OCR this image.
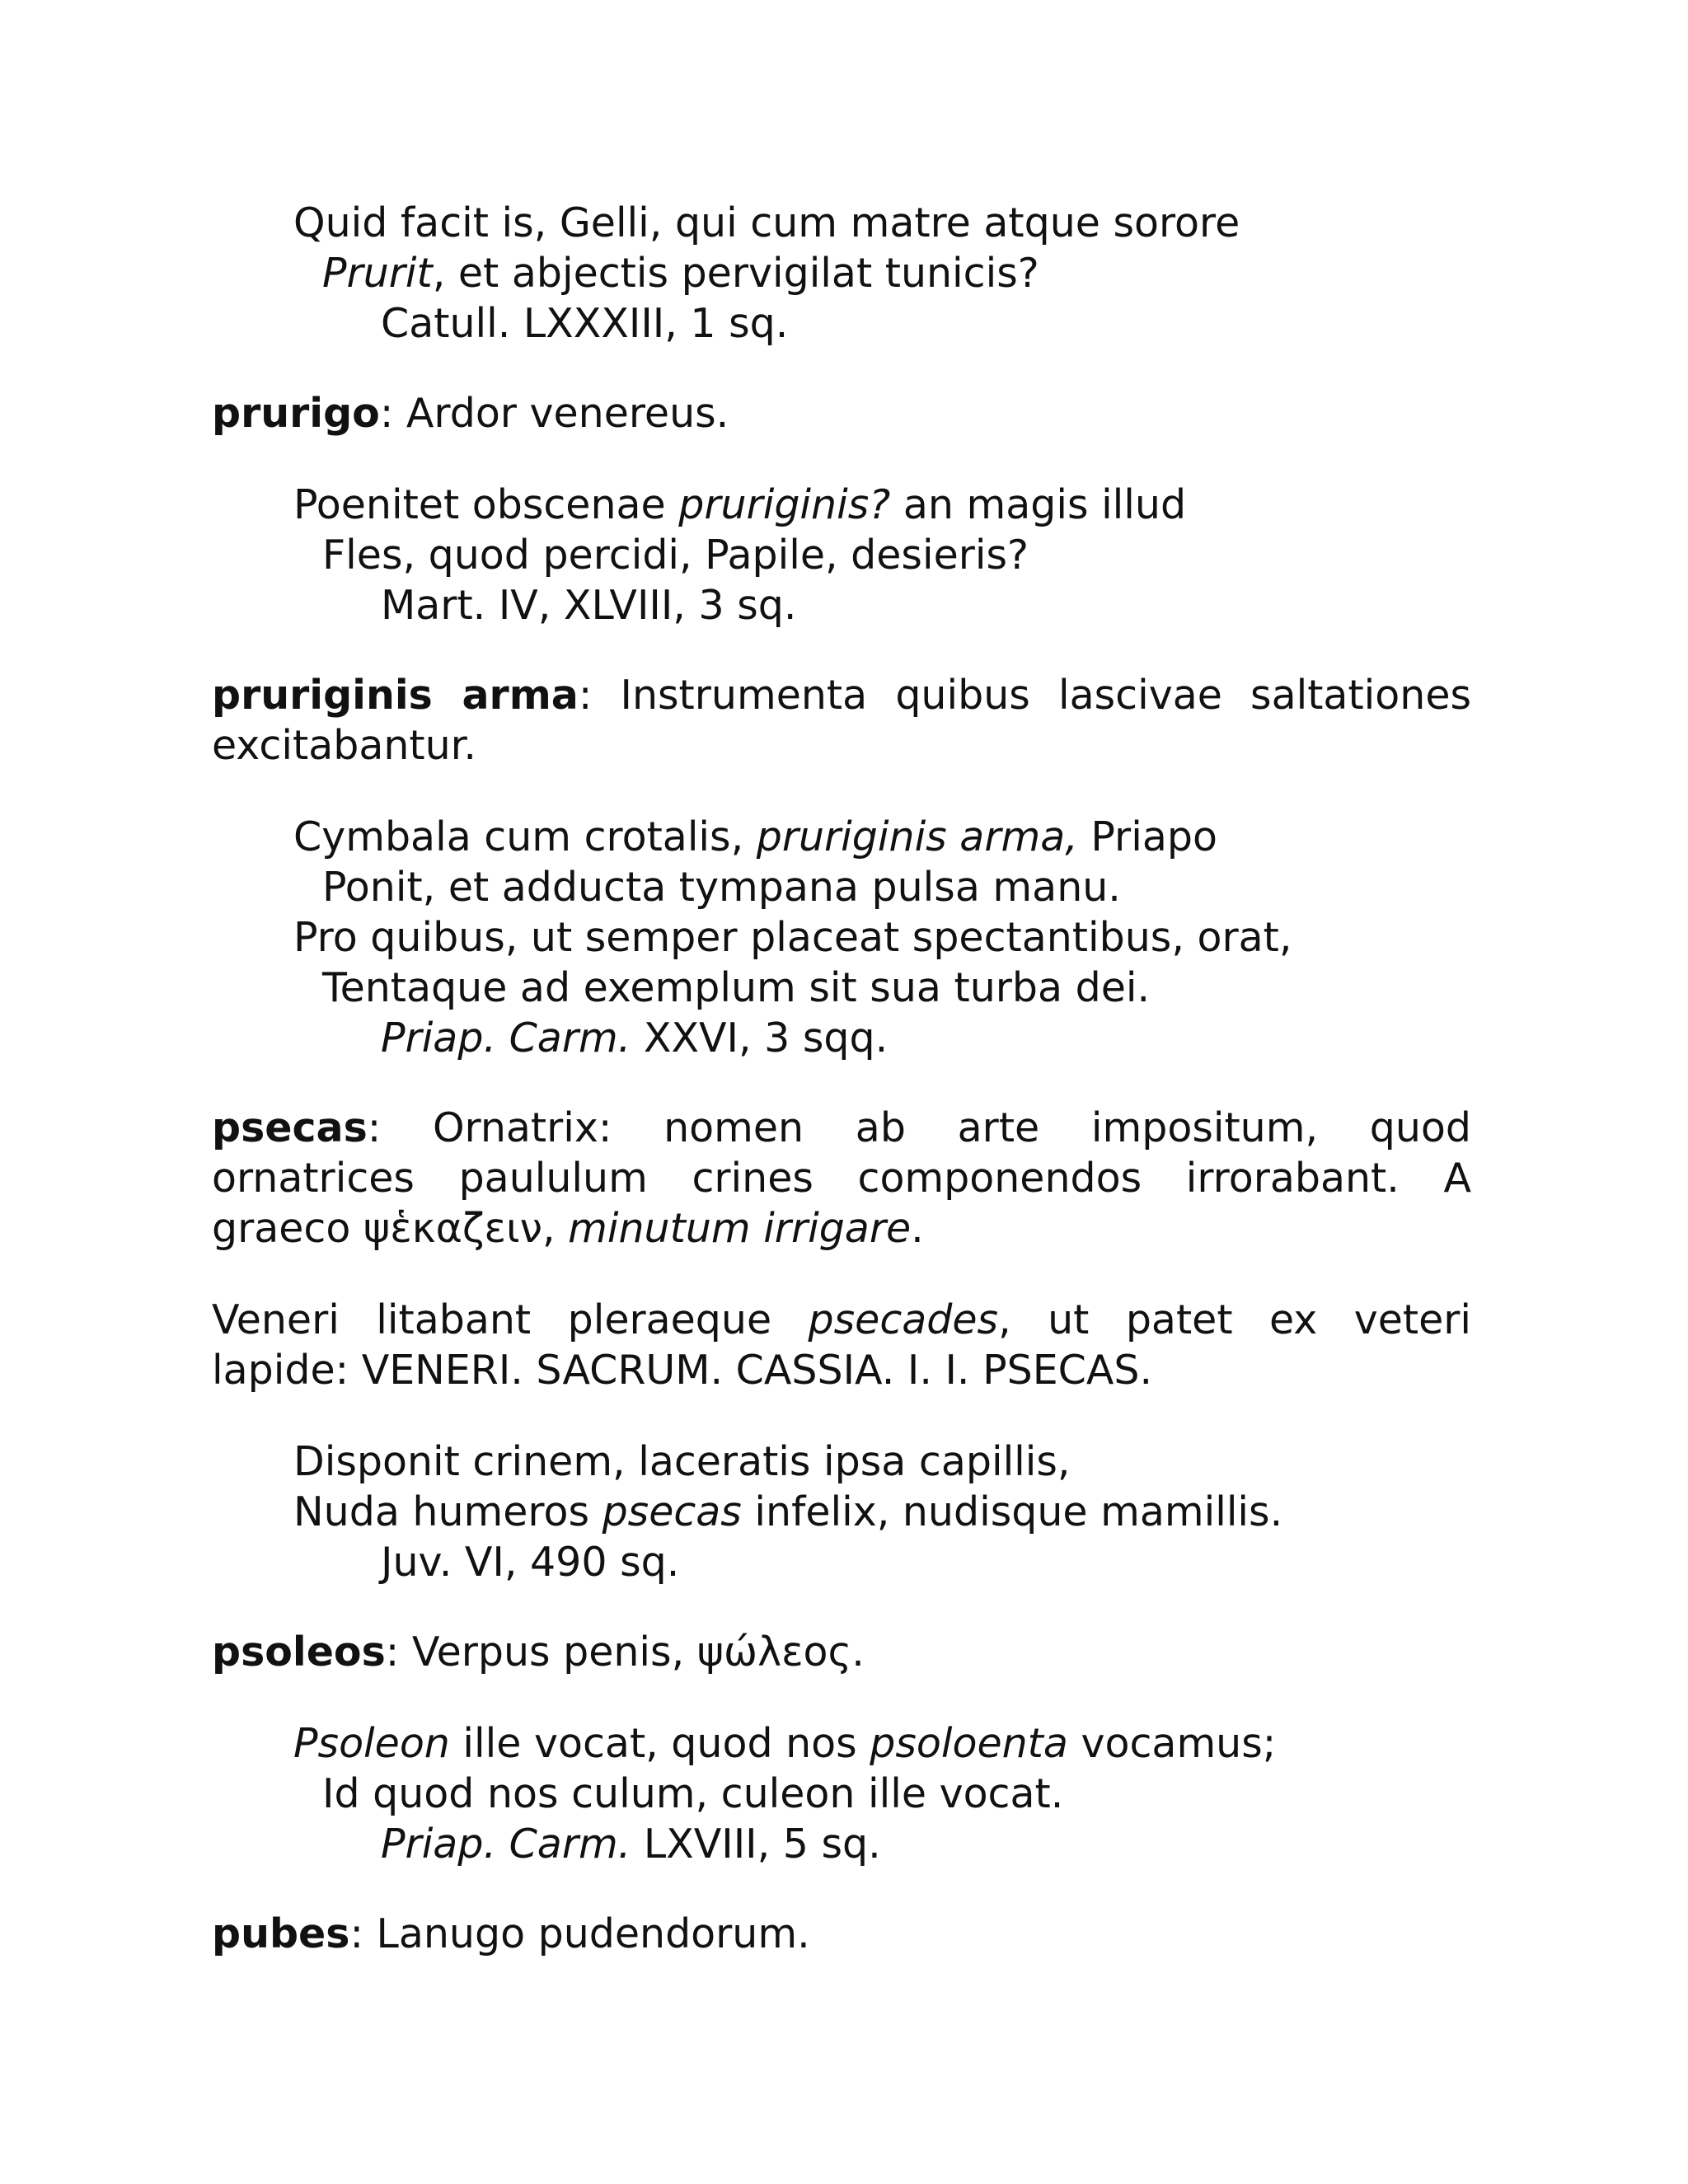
Quid facit is, Gelli, qui cum matre atque sorore
Prurit, et abjectis pervigilat tunicis?
Catull. LXXXIII, 1 sq.
prurigo: Ardor venereus.
Poenitet obscenae pruriginis? an magis illud
Fles, quod percidi, Papile, desieris?
Mart. IV, XLVIII, 3 sq.
pruriginis arma: Instrumenta quibus lascivae saltationes
excitabantur.
Cymbala cum crotalis, pruriginis arma, Priapo
Ponit, et adducta tympana pulsa manu.
Pro quibus, ut semper placeat spectantibus, orat,
Tentaque ad exemplum sit sua turba dei.
Priap. Carm. XXVI, 3 sqq.
psecas: Ornatrix: nomen ab arte impositum, quod
ornatrices paululum crines componendos irrorabant. A
graeco ψἑκαζειν, minutum irrigare.
Veneri litabant pleraeque psecades, ut patet ex veteri
lapide: VENERI. SACRUM. CASSIA. I. I. PSECAS.
Disponit crinem, laceratis ipsa capillis,
Nuda humeros psecas infelix, nudisque mamillis.
Juv. VI, 490 sq.
psoleos: Verpus penis, ψώλεος.
Psoleon ille vocat, quod nos psoloenta vocamus;
Id quod nos culum, culeon ille vocat.
Priap. Carm. LXVIII, 5 sq.
pubes: Lanugo pudendorum.
